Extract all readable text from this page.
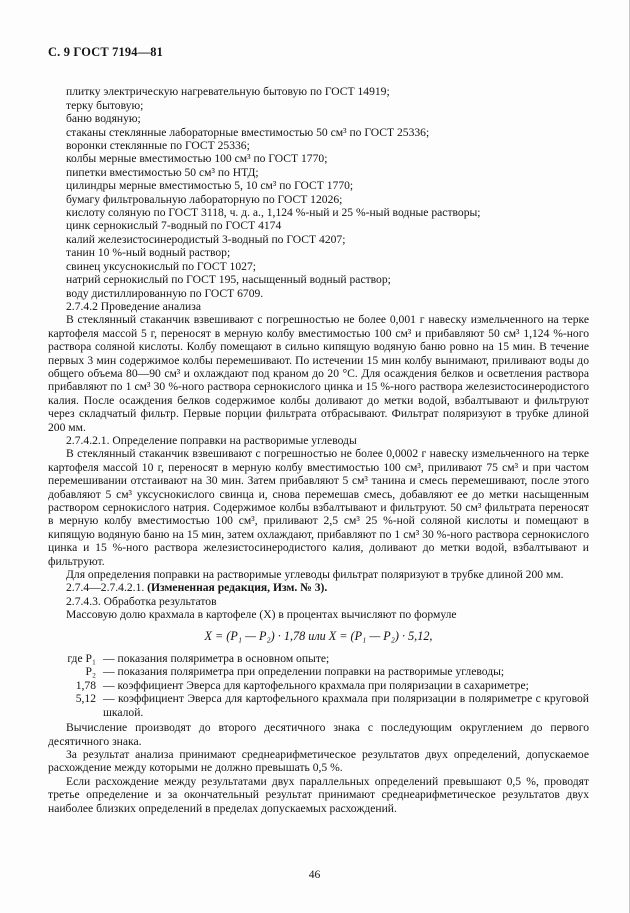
С. 9 ГОСТ 7194—81

плитку электрическую нагревательную бытовую по ГОСТ 14919;

терку бытовую;

баню водяную;

стаканы стеклянные лабораторные вместимостью 50 см³ по ГОСТ 25336;

воронки стеклянные по ГОСТ 25336;

колбы мерные вместимостью 100 см³ по ГОСТ 1770;

пипетки вместимостью 50 см³ по НТД;

цилиндры мерные вместимостью 5, 10 см³ по ГОСТ 1770;

бумагу фильтровальную лабораторную по ГОСТ 12026;

кислоту соляную по ГОСТ 3118, ч. д. а., 1,124 %-ный и 25 %-ный водные растворы;

цинк сернокислый 7-водный по ГОСТ 4174

калий железистосинеродистый 3-водный по ГОСТ 4207;

танин 10 %-ный водный раствор;

свинец уксуснокислый по ГОСТ 1027;

натрий сернокислый по ГОСТ 195, насыщенный водный раствор;

воду дистиллированную по ГОСТ 6709.

2.7.4.2 Проведение анализа

В стеклянный стаканчик взвешивают с погрешностью не более 0,001 г навеску измельченного на терке картофеля массой 5 г, переносят в мерную колбу вместимостью 100 см³ и прибавляют 50 см³ 1,124 %-ного раствора соляной кислоты. Колбу помещают в сильно кипящую водяную баню ровно на 15 мин. В течение первых 3 мин содержимое колбы перемешивают. По истечении 15 мин колбу вынимают, приливают воды до общего объема 80—90 см³ и охлаждают под краном до 20 °С. Для осаждения белков и осветления раствора прибавляют по 1 см³ 30 %-ного раствора сернокислого цинка и 15 %-ного раствора железистосинеродистого калия. После осаждения белков содержимое колбы доливают до метки водой, взбалтывают и фильтруют через складчатый фильтр. Первые порции фильтрата отбрасывают. Фильтрат поляризуют в трубке длиной 200 мм.

2.7.4.2.1. Определение поправки на растворимые углеводы

В стеклянный стаканчик взвешивают с погрешностью не более 0,0002 г навеску измельченного на терке картофеля массой 10 г, переносят в мерную колбу вместимостью 100 см³, приливают 75 см³ и при частом перемешивании отстаивают на 30 мин. Затем прибавляют 5 см³ танина и смесь перемешивают, после этого добавляют 5 см³ уксуснокислого свинца и, снова перемешав смесь, добавляют ее до метки насыщенным раствором сернокислого натрия. Содержимое колбы взбалтывают и фильтруют. 50 см³ фильтрата переносят в мерную колбу вместимостью 100 см³, приливают 2,5 см³ 25 %-ной соляной кислоты и помещают в кипящую водяную баню на 15 мин, затем охлаждают, прибавляют по 1 см³ 30 %-ного раствора сернокислого цинка и 15 %-ного раствора железистосинеродистого калия, доливают до метки водой, взбалтывают и фильтруют.

Для определения поправки на растворимые углеводы фильтрат поляризуют в трубке длиной 200 мм.

2.7.4—2.7.4.2.1. (Измененная редакция, Изм. № 3).

2.7.4.3. Обработка результатов

Массовую долю крахмала в картофеле (X) в процентах вычисляют по формуле

X = (P₁ — P₂) · 1,78 или X = (P₁ — P₂) · 5,12,

где P₁ — показания поляриметра в основном опыте;
P₂ — показания поляриметра при определении поправки на растворимые углеводы;
1,78 — коэффициент Эверса для картофельного крахмала при поляризации в сахариметре;
5,12 — коэффициент Эверса для картофельного крахмала при поляризации в поляриметре с круговой шкалой.

Вычисление производят до второго десятичного знака с последующим округлением до первого десятичного знака.

За результат анализа принимают среднеарифметическое результатов двух определений, допускаемое расхождение между которыми не должно превышать 0,5 %.

Если расхождение между результатами двух параллельных определений превышают 0,5 %, проводят третье определение и за окончательный результат принимают среднеарифметическое результатов двух наиболее близких определений в пределах допускаемых расхождений.

46
